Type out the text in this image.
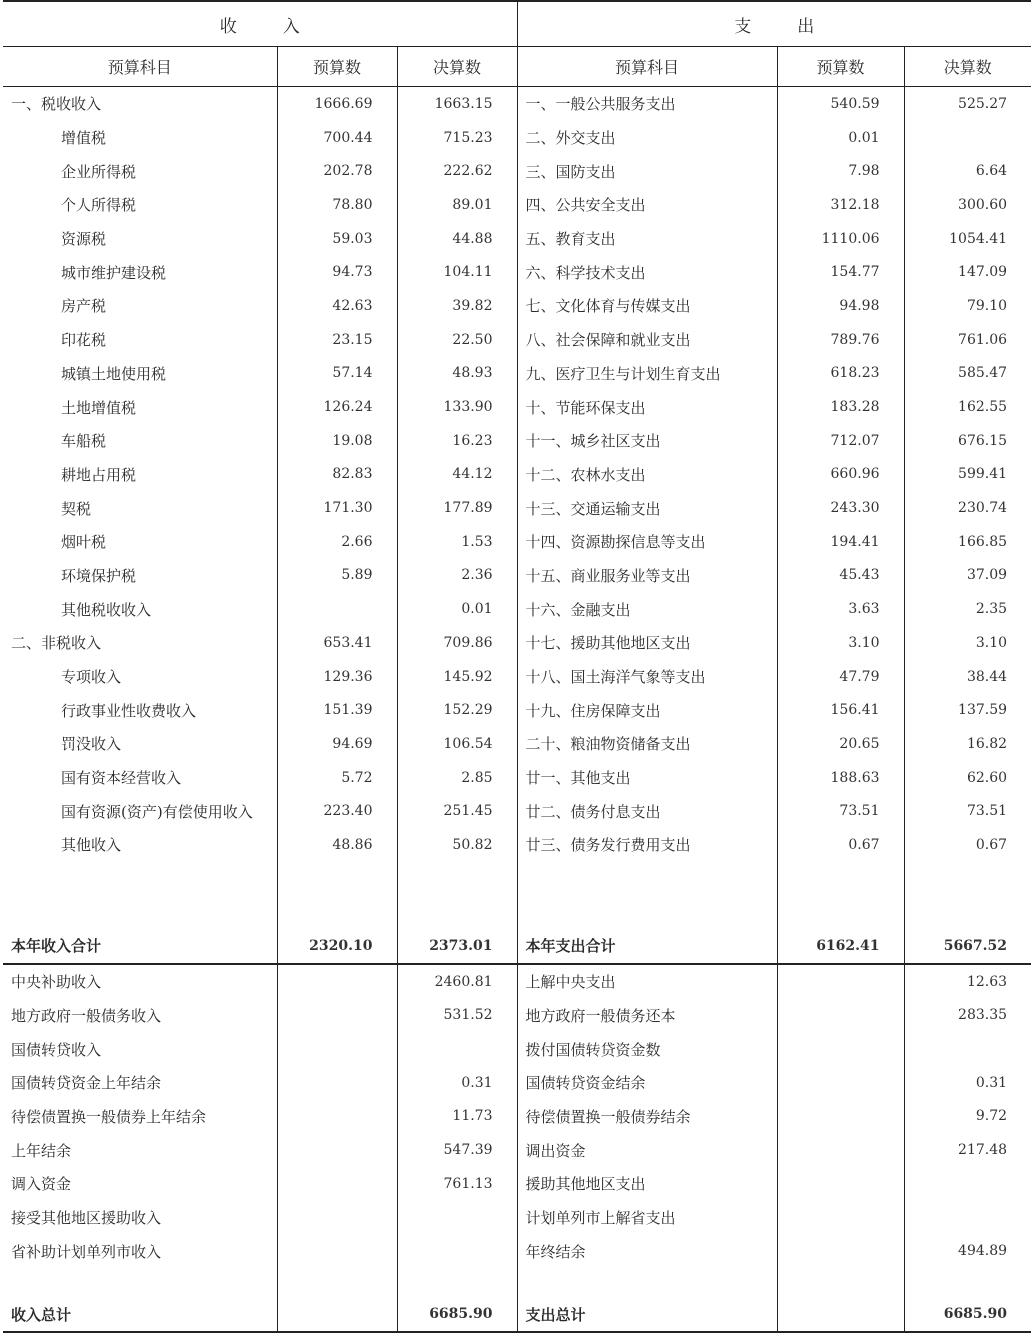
收 入			支 出		
预算科目	预算数	决算数	预算科目	预算数	决算数
一、税收收入	1666.69	1663.15	一、一般公共服务支出	540.59	525.27
增值税	700.44	715.23	二、外交支出	0.01	
企业所得税	202.78	222.62	三、国防支出	7.98	6.64
个人所得税	78.80	89.01	四、公共安全支出	312.18	300.60
资源税	59.03	44.88	五、教育支出	1110.06	1054.41
城市维护建设税	94.73	104.11	六、科学技术支出	154.77	147.09
房产税	42.63	39.82	七、文化体育与传媒支出	94.98	79.10
印花税	23.15	22.50	八、社会保障和就业支出	789.76	761.06
城镇土地使用税	57.14	48.93	九、医疗卫生与计划生育支出	618.23	585.47
土地增值税	126.24	133.90	十、节能环保支出	183.28	162.55
车船税	19.08	16.23	十一、城乡社区支出	712.07	676.15
耕地占用税	82.83	44.12	十二、农林水支出	660.96	599.41
契税	171.30	177.89	十三、交通运输支出	243.30	230.74
烟叶税	2.66	1.53	十四、资源勘探信息等支出	194.41	166.85
环境保护税	5.89	2.36	十五、商业服务业等支出	45.43	37.09
其他税收收入		0.01	十六、金融支出	3.63	2.35
二、非税收入	653.41	709.86	十七、援助其他地区支出	3.10	3.10
专项收入	129.36	145.92	十八、国土海洋气象等支出	47.79	38.44
行政事业性收费收入	151.39	152.29	十九、住房保障支出	156.41	137.59
罚没收入	94.69	106.54	二十、粮油物资储备支出	20.65	16.82
国有资本经营收入	5.72	2.85	廿一、其他支出	188.63	62.60
国有资源(资产)有偿使用收入	223.40	251.45	廿二、债务付息支出	73.51	73.51
其他收入	48.86	50.82	廿三、债务发行费用支出	0.67	0.67

本年收入合计	2320.10	2373.01	本年支出合计	6162.41	5667.52
中央补助收入		2460.81	上解中央支出		12.63
地方政府一般债务收入		531.52	地方政府一般债务还本		283.35
国债转贷收入			拨付国债转贷资金数		
国债转贷资金上年结余		0.31	国债转贷资金结余		0.31
待偿债置换一般债券上年结余		11.73	待偿债置换一般债券结余		9.72
上年结余		547.39	调出资金		217.48
调入资金		761.13	援助其他地区支出		
接受其他地区援助收入			计划单列市上解省支出		
省补助计划单列市收入			年终结余		494.89

收入总计		6685.90	支出总计		6685.90
